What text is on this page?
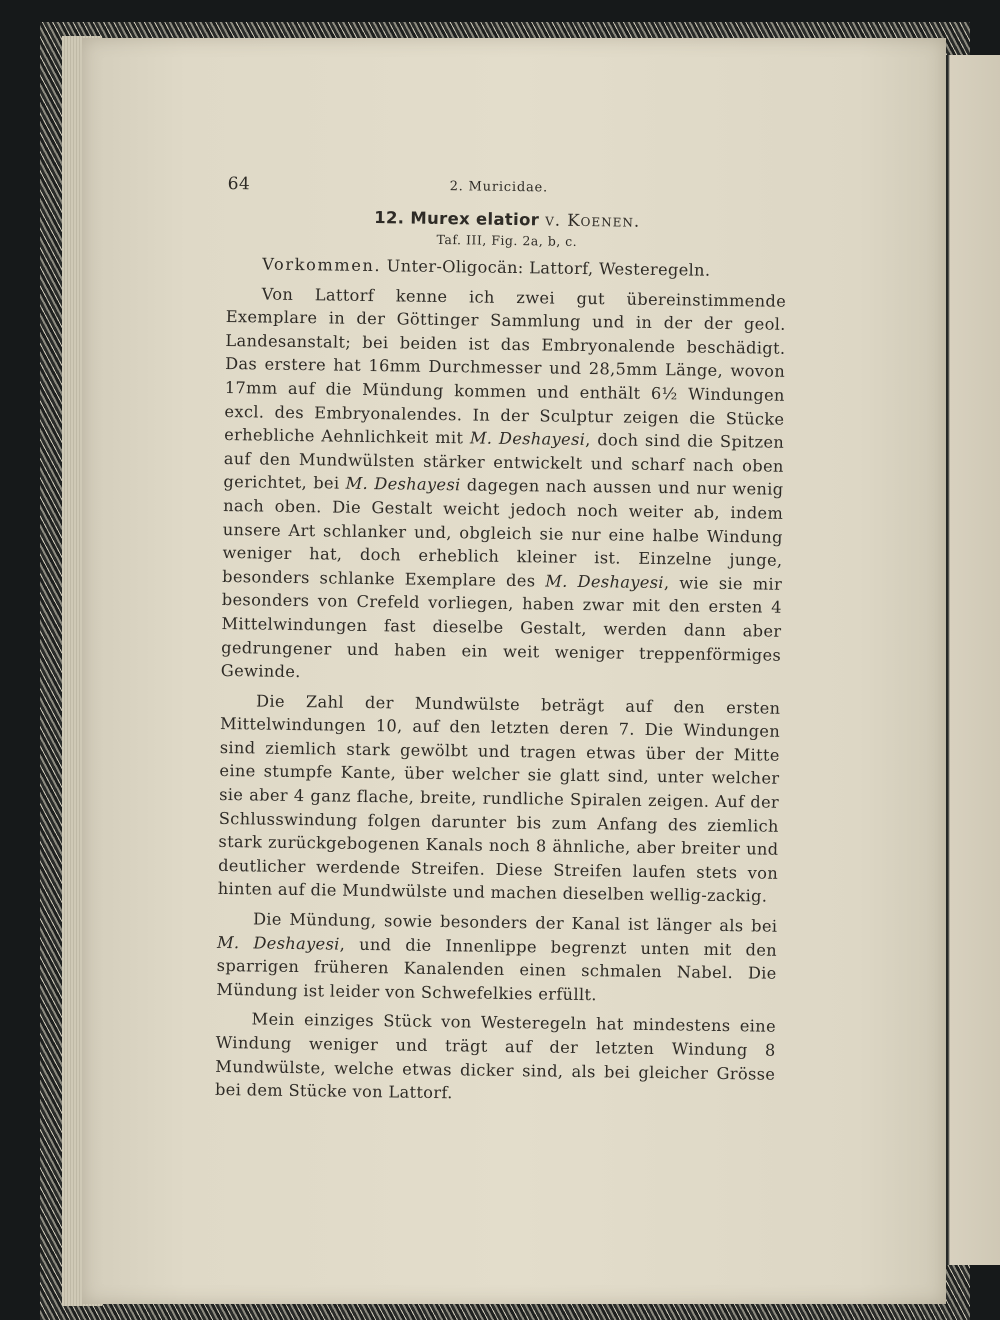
64	2. Muricidae.
12. Murex elatior v. Koenen.
Taf. III, Fig. 2a, b, c.

Vorkommen. Unter-Oligocän: Lattorf, Westeregeln.

Von Lattorf kenne ich zwei gut übereinstimmende Exemplare in der Göttinger Sammlung und in der der geol. Landesanstalt; bei beiden ist das Embryonalende beschädigt. Das erstere hat 16mm Durchmesser und 28,5mm Länge, wovon 17mm auf die Mündung kommen und enthält 6½ Windungen excl. des Embryonalendes. In der Sculptur zeigen die Stücke erhebliche Aehnlichkeit mit M. Deshayesi, doch sind die Spitzen auf den Mundwülsten stärker entwickelt und scharf nach oben gerichtet, bei M. Deshayesi dagegen nach aussen und nur wenig nach oben. Die Gestalt weicht jedoch noch weiter ab, indem unsere Art schlanker und, obgleich sie nur eine halbe Windung weniger hat, doch erheblich kleiner ist. Einzelne junge, besonders schlanke Exemplare des M. Deshayesi, wie sie mir besonders von Crefeld vorliegen, haben zwar mit den ersten 4 Mittelwindungen fast dieselbe Gestalt, werden dann aber gedrungener und haben ein weit weniger treppenförmiges Gewinde.

Die Zahl der Mundwülste beträgt auf den ersten Mittelwindungen 10, auf den letzten deren 7. Die Windungen sind ziemlich stark gewölbt und tragen etwas über der Mitte eine stumpfe Kante, über welcher sie glatt sind, unter welcher sie aber 4 ganz flache, breite, rundliche Spiralen zeigen. Auf der Schlusswindung folgen darunter bis zum Anfang des ziemlich stark zurückgebogenen Kanals noch 8 ähnliche, aber breiter und deutlicher werdende Streifen. Diese Streifen laufen stets von hinten auf die Mundwülste und machen dieselben wellig-zackig.

Die Mündung, sowie besonders der Kanal ist länger als bei M. Deshayesi, und die Innenlippe begrenzt unten mit den sparrigen früheren Kanalenden einen schmalen Nabel. Die Mündung ist leider von Schwefelkies erfüllt.

Mein einziges Stück von Westeregeln hat mindestens eine Windung weniger und trägt auf der letzten Windung 8 Mundwülste, welche etwas dicker sind, als bei gleicher Grösse bei dem Stücke von Lattorf.
